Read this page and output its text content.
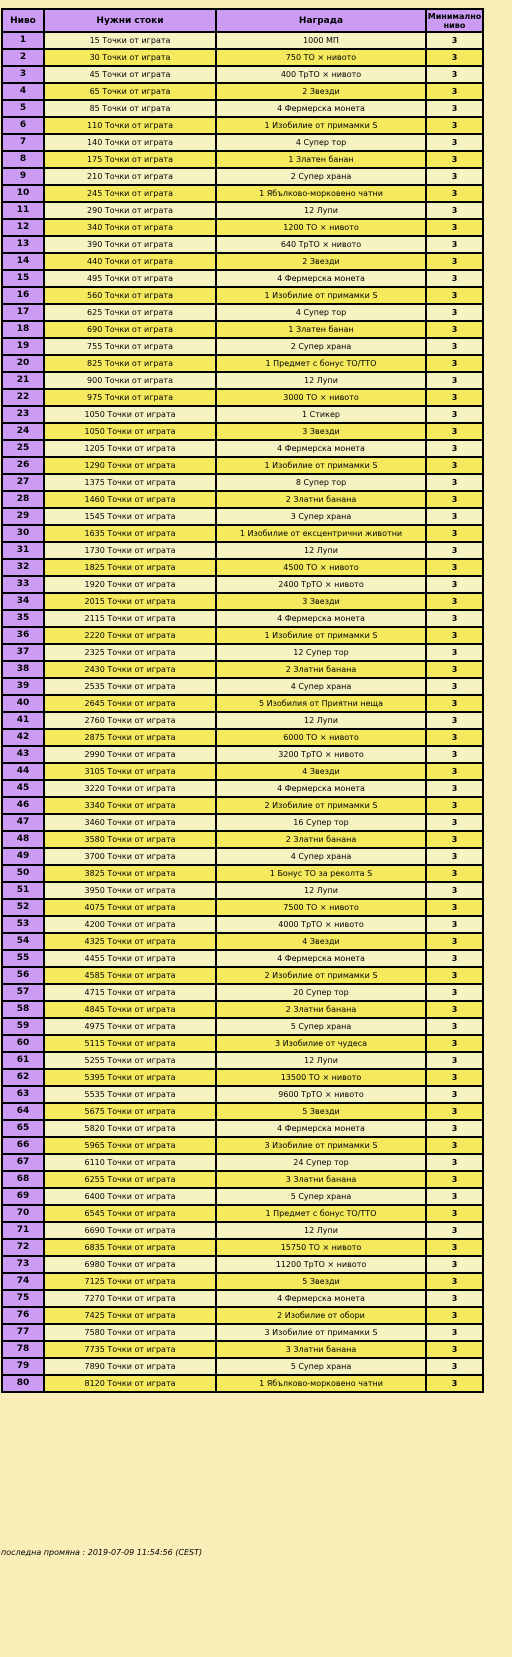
Ниво	Нужни стоки	Награда	Минимално ниво
1	15 Точки от играта	1000 МП	3
2	30 Точки от играта	750 ТО × нивото	3
3	45 Точки от играта	400 ТрТО × нивото	3
4	65 Точки от играта	2 Звезди	3
5	85 Точки от играта	4 Фермерска монета	3
6	110 Точки от играта	1 Изобилие от примамки S	3
7	140 Точки от играта	4 Супер тор	3
8	175 Точки от играта	1 Златен банан	3
9	210 Точки от играта	2 Супер храна	3
10	245 Точки от играта	1 Ябълково-морковено чатни	3
11	290 Точки от играта	12 Лупи	3
12	340 Точки от играта	1200 ТО × нивото	3
13	390 Точки от играта	640 ТрТО × нивото	3
14	440 Точки от играта	2 Звезди	3
15	495 Точки от играта	4 Фермерска монета	3
16	560 Точки от играта	1 Изобилие от примамки S	3
17	625 Точки от играта	4 Супер тор	3
18	690 Точки от играта	1 Златен банан	3
19	755 Точки от играта	2 Супер храна	3
20	825 Точки от играта	1 Предмет с бонус ТО/ТТО	3
21	900 Точки от играта	12 Лупи	3
22	975 Точки от играта	3000 ТО × нивото	3
23	1050 Точки от играта	1 Стикер	3
24	1050 Точки от играта	3 Звезди	3
25	1205 Точки от играта	4 Фермерска монета	3
26	1290 Точки от играта	1 Изобилие от примамки S	3
27	1375 Точки от играта	8 Супер тор	3
28	1460 Точки от играта	2 Златни банана	3
29	1545 Точки от играта	3 Супер храна	3
30	1635 Точки от играта	1 Изобилие от ексцентрични животни	3
31	1730 Точки от играта	12 Лупи	3
32	1825 Точки от играта	4500 ТО × нивото	3
33	1920 Точки от играта	2400 ТрТО × нивото	3
34	2015 Точки от играта	3 Звезди	3
35	2115 Точки от играта	4 Фермерска монета	3
36	2220 Точки от играта	1 Изобилие от примамки S	3
37	2325 Точки от играта	12 Супер тор	3
38	2430 Точки от играта	2 Златни банана	3
39	2535 Точки от играта	4 Супер храна	3
40	2645 Точки от играта	5 Изобилия от Приятни неща	3
41	2760 Точки от играта	12 Лупи	3
42	2875 Точки от играта	6000 ТО × нивото	3
43	2990 Точки от играта	3200 ТрТО × нивото	3
44	3105 Точки от играта	4 Звезди	3
45	3220 Точки от играта	4 Фермерска монета	3
46	3340 Точки от играта	2 Изобилие от примамки S	3
47	3460 Точки от играта	16 Супер тор	3
48	3580 Точки от играта	2 Златни банана	3
49	3700 Точки от играта	4 Супер храна	3
50	3825 Точки от играта	1 Бонус ТО за реколта S	3
51	3950 Точки от играта	12 Лупи	3
52	4075 Точки от играта	7500 ТО × нивото	3
53	4200 Точки от играта	4000 ТрТО × нивото	3
54	4325 Точки от играта	4 Звезди	3
55	4455 Точки от играта	4 Фермерска монета	3
56	4585 Точки от играта	2 Изобилие от примамки S	3
57	4715 Точки от играта	20 Супер тор	3
58	4845 Точки от играта	2 Златни банана	3
59	4975 Точки от играта	5 Супер храна	3
60	5115 Точки от играта	3 Изобилие от чудеса	3
61	5255 Точки от играта	12 Лупи	3
62	5395 Точки от играта	13500 ТО × нивото	3
63	5535 Точки от играта	9600 ТрТО × нивото	3
64	5675 Точки от играта	5 Звезди	3
65	5820 Точки от играта	4 Фермерска монета	3
66	5965 Точки от играта	3 Изобилие от примамки S	3
67	6110 Точки от играта	24 Супер тор	3
68	6255 Точки от играта	3 Златни банана	3
69	6400 Точки от играта	5 Супер храна	3
70	6545 Точки от играта	1 Предмет с бонус ТО/ТТО	3
71	6690 Точки от играта	12 Лупи	3
72	6835 Точки от играта	15750 ТО × нивото	3
73	6980 Точки от играта	11200 ТрТО × нивото	3
74	7125 Точки от играта	5 Звезди	3
75	7270 Точки от играта	4 Фермерска монета	3
76	7425 Точки от играта	2 Изобилие от обори	3
77	7580 Точки от играта	3 Изобилие от примамки S	3
78	7735 Точки от играта	3 Златни банана	3
79	7890 Точки от играта	5 Супер храна	3
80	8120 Точки от играта	1 Ябълково-морковено чатни	3
последна промяна : 2019-07-09 11:54:56 (CEST)
